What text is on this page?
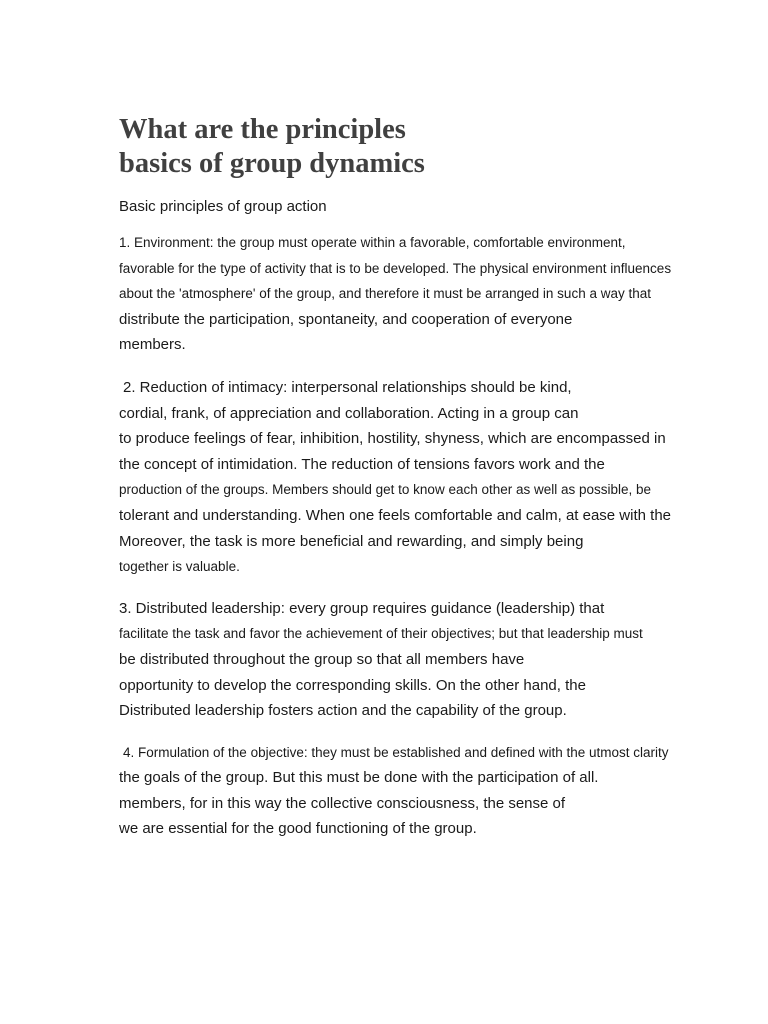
What are the principles
basics of group dynamics
Basic principles of group action
1. Environment: the group must operate within a favorable, comfortable environment,
favorable for the type of activity that is to be developed. The physical environment influences
about the 'atmosphere' of the group, and therefore it must be arranged in such a way that
distribute the participation, spontaneity, and cooperation of everyone
members.
2. Reduction of intimacy: interpersonal relationships should be kind,
cordial, frank, of appreciation and collaboration. Acting in a group can
to produce feelings of fear, inhibition, hostility, shyness, which are encompassed in
the concept of intimidation. The reduction of tensions favors work and the
production of the groups. Members should get to know each other as well as possible, be
tolerant and understanding. When one feels comfortable and calm, at ease with the
Moreover, the task is more beneficial and rewarding, and simply being
together is valuable.
3. Distributed leadership: every group requires guidance (leadership) that
facilitate the task and favor the achievement of their objectives; but that leadership must
be distributed throughout the group so that all members have
opportunity to develop the corresponding skills. On the other hand, the
Distributed leadership fosters action and the capability of the group.
4. Formulation of the objective: they must be established and defined with the utmost clarity
the goals of the group. But this must be done with the participation of all.
members, for in this way the collective consciousness, the sense of
we are essential for the good functioning of the group.
